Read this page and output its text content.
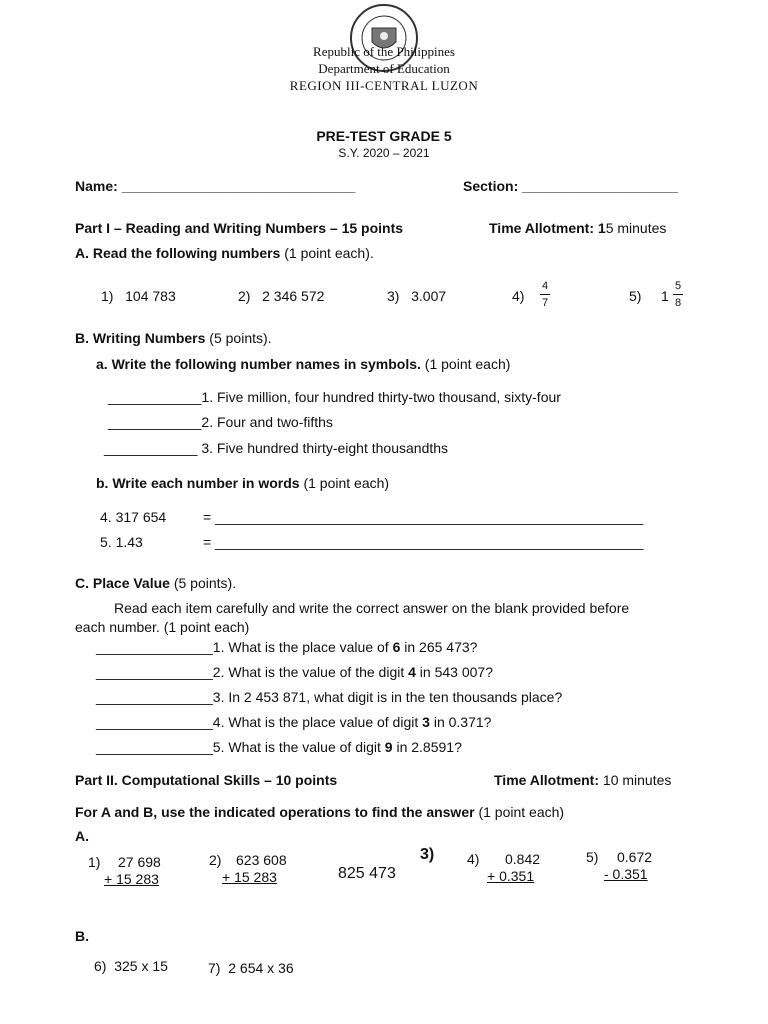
Republic of the Philippines
Department of Education
REGION III-CENTRAL LUZON
PRE-TEST GRADE 5
S.Y. 2020 – 2021
Name: ______________________________	Section: ____________________
Part I – Reading and Writing Numbers – 15 points	Time Allotment: 15 minutes
A. Read the following numbers (1 point each).
1) 104 783	2) 2 346 572	3) 3.007	4)
4
7	5) 1
5
8
B. Writing Numbers (5 points).
a. Write the following number names in symbols. (1 point each)
____________1. Five million, four hundred thirty-two thousand, sixty-four
____________2. Four and two-fifths
____________ 3. Five hundred thirty-eight thousandths
b. Write each number in words (1 point each)
4. 317 654	= _______________________________________________________
5. 1.43	= _______________________________________________________
C. Place Value (5 points).
Read each item carefully and write the correct answer on the blank provided before
each number. (1 point each)
_______________1. What is the place value of 6 in 265 473?
_______________2. What is the value of the digit 4 in 543 007?
_______________3. In 2 453 871, what digit is in the ten thousands place?
_______________4. What is the place value of digit 3 in 0.371?
_______________5. What is the value of digit 9 in 2.8591?
Part II. Computational Skills – 10 points	Time Allotment: 10 minutes
For A and B, use the indicated operations to find the answer (1 point each)
A.
1) 27 698
+ 15 283
2) 623 608
+ 15 283	825 473
3) 4) 0.842
+ 0.351
5) 0.672
- 0.351
B.
6) 325 x 15	7) 2 654 x 36
